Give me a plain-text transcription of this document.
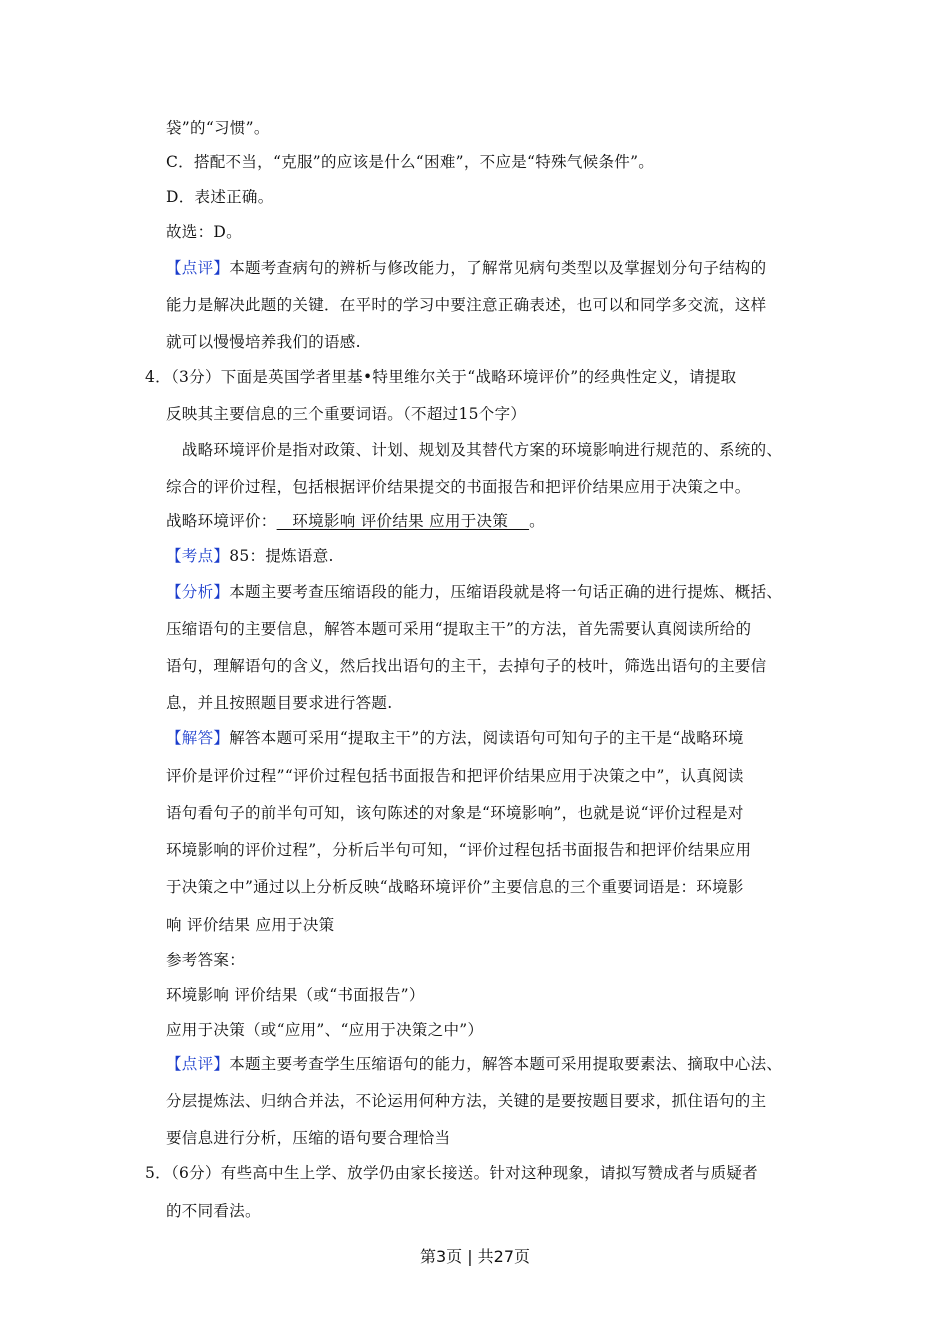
袋”的“习惯”。
C．搭配不当，“克服”的应该是什么“困难”，不应是“特殊气候条件”。
D．表述正确。
故选：D。
【点评】本题考查病句的辨析与修改能力，了解常见病句类型以及掌握划分句子结构的
能力是解决此题的关键．在平时的学习中要注意正确表述，也可以和同学多交流，这样
就可以慢慢培养我们的语感.
4．（3分）下面是英国学者里基•特里维尔关于“战略环境评价”的经典性定义，请提取
反映其主要信息的三个重要词语。（不超过15个字）
　战略环境评价是指对政策、计划、规划及其替代方案的环境影响进行规范的、系统的、
综合的评价过程，包括根据评价结果提交的书面报告和把评价结果应用于决策之中。
战略环境评价：   环境影响 评价结果 应用于决策    。
【考点】85：提炼语意.
【分析】本题主要考查压缩语段的能力，压缩语段就是将一句话正确的进行提炼、概括、
压缩语句的主要信息，解答本题可采用“提取主干”的方法，首先需要认真阅读所给的
语句，理解语句的含义，然后找出语句的主干，去掉句子的枝叶，筛选出语句的主要信
息，并且按照题目要求进行答题.
【解答】解答本题可采用“提取主干”的方法，阅读语句可知句子的主干是“战略环境
评价是评价过程”“评价过程包括书面报告和把评价结果应用于决策之中”，认真阅读
语句看句子的前半句可知，该句陈述的对象是“环境影响”，也就是说“评价过程是对
环境影响的评价过程”，分析后半句可知，“评价过程包括书面报告和把评价结果应用
于决策之中”通过以上分析反映“战略环境评价”主要信息的三个重要词语是：环境影
响 评价结果 应用于决策
参考答案：
环境影响 评价结果（或“书面报告”）
应用于决策（或“应用”、“应用于决策之中”）
【点评】本题主要考查学生压缩语句的能力，解答本题可采用提取要素法、摘取中心法、
分层提炼法、归纳合并法，不论运用何种方法，关键的是要按题目要求，抓住语句的主
要信息进行分析，压缩的语句要合理恰当
5．（6分）有些高中生上学、放学仍由家长接送。针对这种现象，请拟写赞成者与质疑者
的不同看法。
第3页 | 共27页
